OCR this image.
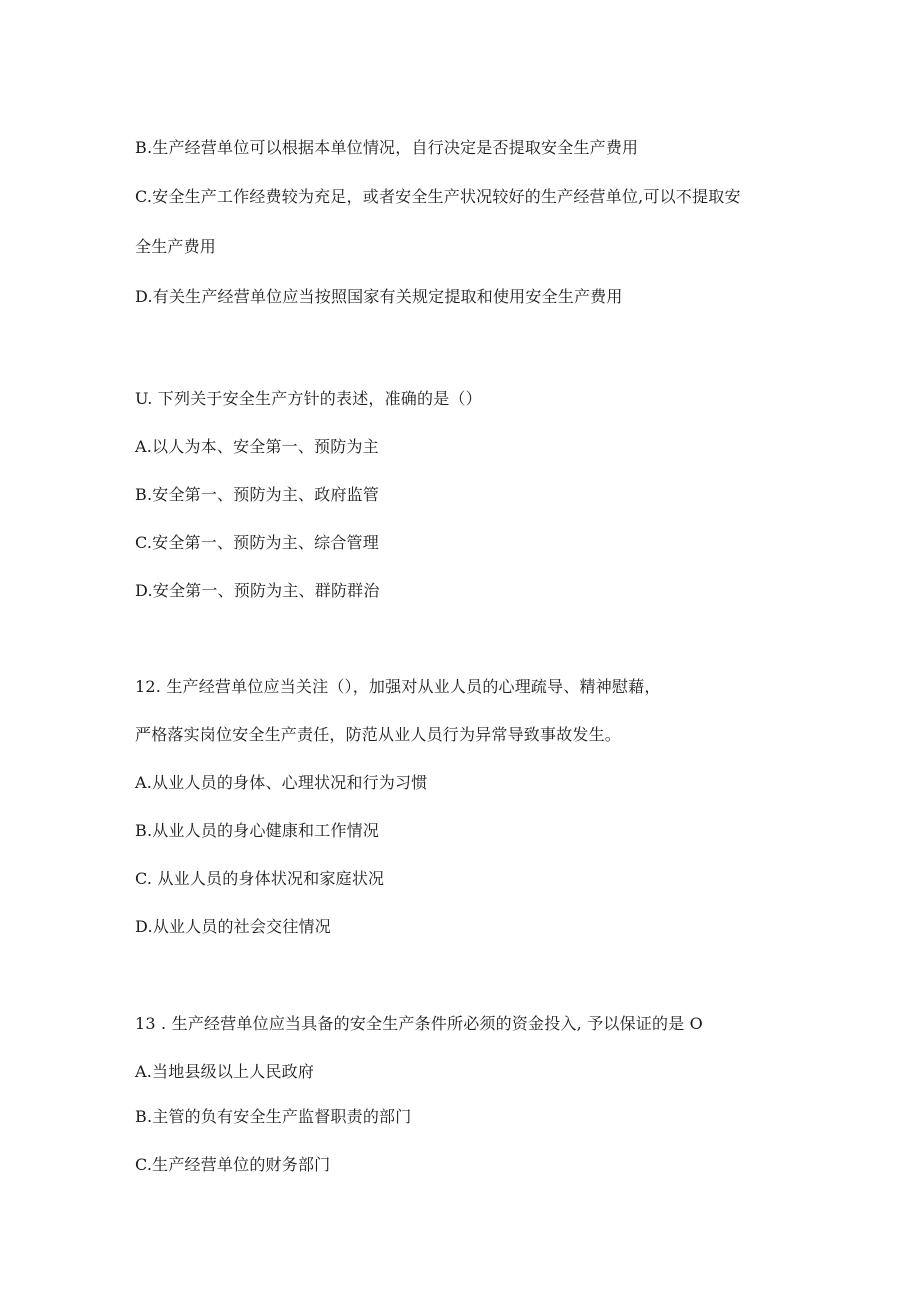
B.生产经营单位可以根据本单位情况，自行决定是否提取安全生产费用
C.安全生产工作经费较为充足，或者安全生产状况较好的生产经营单位,可以不提取安
全生产费用
D.有关生产经营单位应当按照国家有关规定提取和使用安全生产费用
U. 下列关于安全生产方针的表述，准确的是（）
A.以人为本、安全第一、预防为主
B.安全第一、预防为主、政府监管
C.安全第一、预防为主、综合管理
D.安全第一、预防为主、群防群治
12. 生产经营单位应当关注（），加强对从业人员的心理疏导、精神慰藉，
严格落实岗位安全生产责任，防范从业人员行为异常导致事故发生。
A.从业人员的身体、心理状况和行为习惯
B.从业人员的身心健康和工作情况
C. 从业人员的身体状况和家庭状况
D.从业人员的社会交往情况
13 . 生产经营单位应当具备的安全生产条件所必须的资金投入, 予以保证的是 O
A.当地县级以上人民政府
B.主管的负有安全生产监督职责的部门
C.生产经营单位的财务部门
